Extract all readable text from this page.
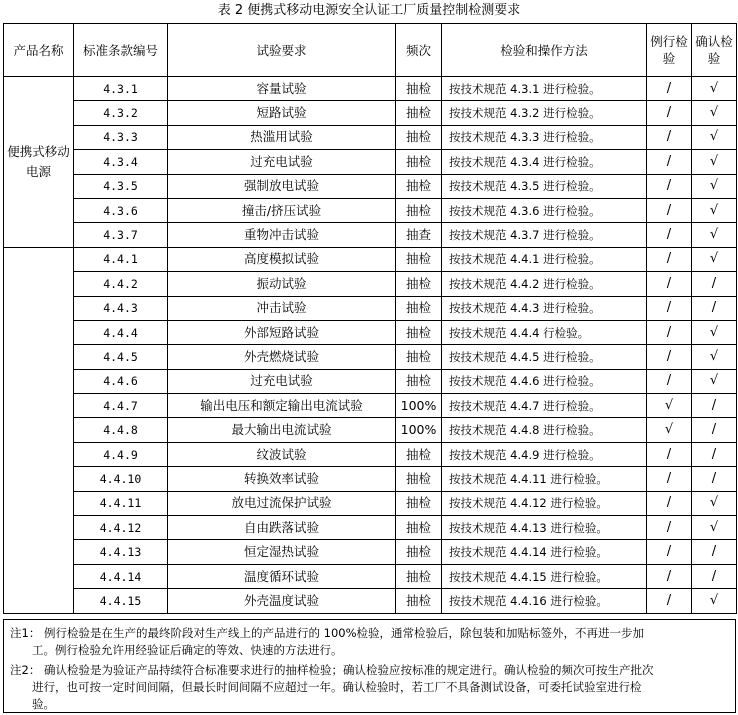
表 2 便携式移动电源安全认证工厂质量控制检测要求
产品名称	标准条款编号	试验要求	频次	检验和操作方法	例行检验	确认检验
便携式移动电源	4.3.1	容量试验	抽检	按技术规范 4.3.1 进行检验。	/	√
	4.3.2	短路试验	抽检	按技术规范 4.3.2 进行检验。	/	√
	4.3.3	热滥用试验	抽检	按技术规范 4.3.3 进行检验。	/	√
	4.3.4	过充电试验	抽检	按技术规范 4.3.4 进行检验。	/	√
	4.3.5	强制放电试验	抽检	按技术规范 4.3.5 进行检验。	/	√
	4.3.6	撞击/挤压试验	抽检	按技术规范 4.3.6 进行检验。	/	√
	4.3.7	重物冲击试验	抽查	按技术规范 4.3.7 进行检验。	/	√
	4.4.1	高度模拟试验	抽检	按技术规范 4.4.1 进行检验。	/	√
	4.4.2	振动试验	抽检	按技术规范 4.4.2 进行检验。	/	/
	4.4.3	冲击试验	抽检	按技术规范 4.4.3 进行检验。	/	/
	4.4.4	外部短路试验	抽检	按技术规范 4.4.4 行检验。	/	√
	4.4.5	外壳燃烧试验	抽检	按技术规范 4.4.5 进行检验。	/	√
	4.4.6	过充电试验	抽检	按技术规范 4.4.6 进行检验。	/	√
	4.4.7	输出电压和额定输出电流试验	100%	按技术规范 4.4.7 进行检验。	√	/
	4.4.8	最大输出电流试验	100%	按技术规范 4.4.8 进行检验。	√	/
	4.4.9	纹波试验	抽检	按技术规范 4.4.9 进行检验。	/	/
	4.4.10	转换效率试验	抽检	按技术规范 4.4.11 进行检验。	/	/
	4.4.11	放电过流保护试验	抽检	按技术规范 4.4.12 进行检验。	/	√
	4.4.12	自由跌落试验	抽检	按技术规范 4.4.13 进行检验。	/	√
	4.4.13	恒定湿热试验	抽检	按技术规范 4.4.14 进行检验。	/	/
	4.4.14	温度循环试验	抽检	按技术规范 4.4.15 进行检验。	/	/
	4.4.15	外壳温度试验	抽检	按技术规范 4.4.16 进行检验。	/	√
注1： 例行检验是在生产的最终阶段对生产线上的产品进行的 100%检验，通常检验后，除包装和加贴标签外，不再进一步加
工。例行检验允许用经验证后确定的等效、快速的方法进行。
注2： 确认检验是为验证产品持续符合标准要求进行的抽样检验；确认检验应按标准的规定进行。确认检验的频次可按生产批次
进行，也可按一定时间间隔，但最长时间间隔不应超过一年。确认检验时，若工厂不具备测试设备，可委托试验室进行检
验。
